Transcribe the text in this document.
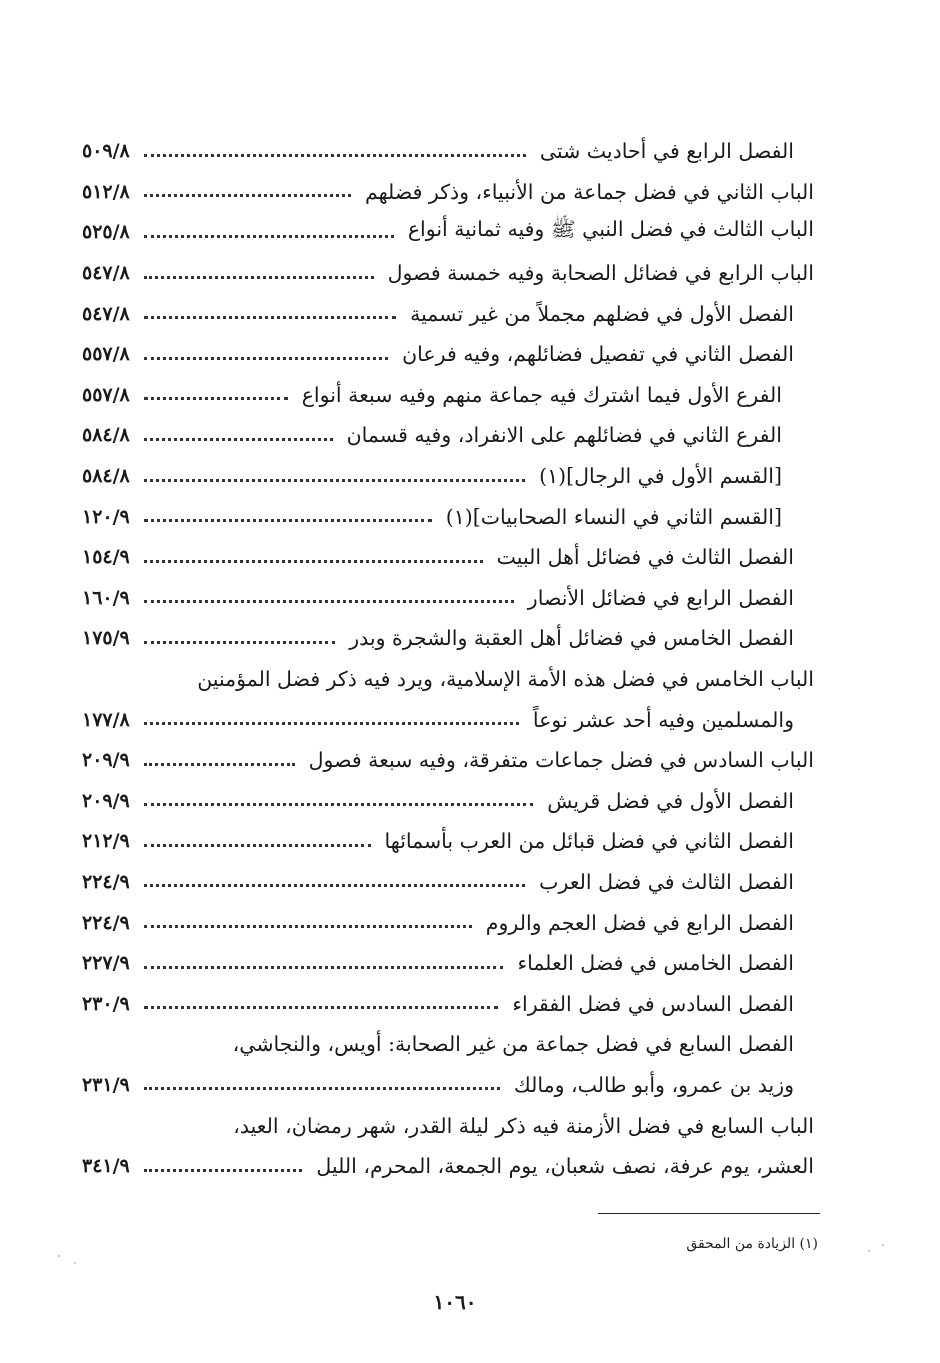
الفصل الرابع في أحاديث شتى
٥٠٩/٨
الباب الثاني في فضل جماعة من الأنبياء، وذكر فضلهم
٥١٢/٨
الباب الثالث في فضل النبي ﷺ وفيه ثمانية أنواع
٥٢٥/٨
الباب الرابع في فضائل الصحابة وفيه خمسة فصول
٥٤٧/٨
الفصل الأول في فضلهم مجملاً من غير تسمية
٥٤٧/٨
الفصل الثاني في تفصيل فضائلهم، وفيه فرعان
٥٥٧/٨
الفرع الأول فيما اشترك فيه جماعة منهم وفيه سبعة أنواع
٥٥٧/٨
الفرع الثاني في فضائلهم على الانفراد، وفيه قسمان
٥٨٤/٨
[القسم الأول في الرجال](١)
٥٨٤/٨
[القسم الثاني في النساء الصحابيات](١)
١٢٠/٩
الفصل الثالث في فضائل أهل البيت
١٥٤/٩
الفصل الرابع في فضائل الأنصار
١٦٠/٩
الفصل الخامس في فضائل أهل العقبة والشجرة وبدر
١٧٥/٩
الباب الخامس في فضل هذه الأمة الإسلامية، ويرد فيه ذكر فضل المؤمنين
والمسلمين وفيه أحد عشر نوعاً
١٧٧/٨
الباب السادس في فضل جماعات متفرقة، وفيه سبعة فصول
٢٠٩/٩
الفصل الأول في فضل قريش
٢٠٩/٩
الفصل الثاني في فضل قبائل من العرب بأسمائها
٢١٢/٩
الفصل الثالث في فضل العرب
٢٢٤/٩
الفصل الرابع في فضل العجم والروم
٢٢٤/٩
الفصل الخامس في فضل العلماء
٢٢٧/٩
الفصل السادس في فضل الفقراء
٢٣٠/٩
الفصل السابع في فضل جماعة من غير الصحابة: أويس، والنجاشي،
وزيد بن عمرو، وأبو طالب، ومالك
٢٣١/٩
الباب السابع في فضل الأزمنة فيه ذكر ليلة القدر، شهر رمضان، العيد،
العشر، يوم عرفة، نصف شعبان، يوم الجمعة، المحرم، الليل
٣٤١/٩
(١) الزيادة من المحقق
١٠٦٠
